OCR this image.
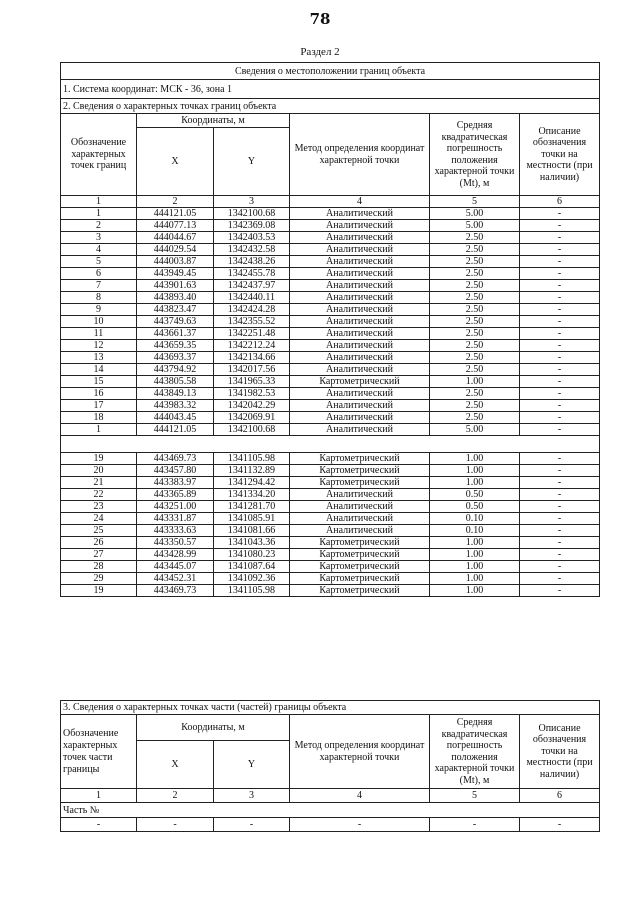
78
Раздел 2
Сведения о местоположении границ объекта					
1. Система координат: МСК - 36, зона 1					
2. Сведения о характерных точках границ объекта					
Обозначение характерных точек границ	Координаты, м		Метод определения координат характерной точки	Средняя квадратическая погрешность положения характерной точки (Mt), м	Описание обозначения точки на местности (при наличии)
	X	Y			
1	2	3	4	5	6
1	444121.05	1342100.68	Аналитический	5.00	-
2	444077.13	1342369.08	Аналитический	5.00	-
3	444044.67	1342403.53	Аналитический	2.50	-
4	444029.54	1342432.58	Аналитический	2.50	-
5	444003.87	1342438.26	Аналитический	2.50	-
6	443949.45	1342455.78	Аналитический	2.50	-
7	443901.63	1342437.97	Аналитический	2.50	-
8	443893.40	1342440.11	Аналитический	2.50	-
9	443823.47	1342424.28	Аналитический	2.50	-
10	443749.63	1342355.52	Аналитический	2.50	-
11	443661.37	1342251.48	Аналитический	2.50	-
12	443659.35	1342212.24	Аналитический	2.50	-
13	443693.37	1342134.66	Аналитический	2.50	-
14	443794.92	1342017.56	Аналитический	2.50	-
15	443805.58	1341965.33	Картометрический	1.00	-
16	443849.13	1341982.53	Аналитический	2.50	-
17	443983.32	1342042.29	Аналитический	2.50	-
18	444043.45	1342069.91	Аналитический	2.50	-
1	444121.05	1342100.68	Аналитический	5.00	-

19	443469.73	1341105.98	Картометрический	1.00	-
20	443457.80	1341132.89	Картометрический	1.00	-
21	443383.97	1341294.42	Картометрический	1.00	-
22	443365.89	1341334.20	Аналитический	0.50	-
23	443251.00	1341281.70	Аналитический	0.50	-
24	443331.87	1341085.91	Аналитический	0.10	-
25	443333.63	1341081.66	Аналитический	0.10	-
26	443350.57	1341043.36	Картометрический	1.00	-
27	443428.99	1341080.23	Картометрический	1.00	-
28	443445.07	1341087.64	Картометрический	1.00	-
29	443452.31	1341092.36	Картометрический	1.00	-
19	443469.73	1341105.98	Картометрический	1.00	-
3. Сведения о характерных точках части (частей) границы объекта					
Обозначение характерных точек части границы	Координаты, м		Метод определения координат характерной точки	Средняя квадратическая погрешность положения характерной точки (Mt), м	Описание обозначения точки на местности (при наличии)
	X	Y			
1	2	3	4	5	6
Часть №					
-	-	-	-	-	-
